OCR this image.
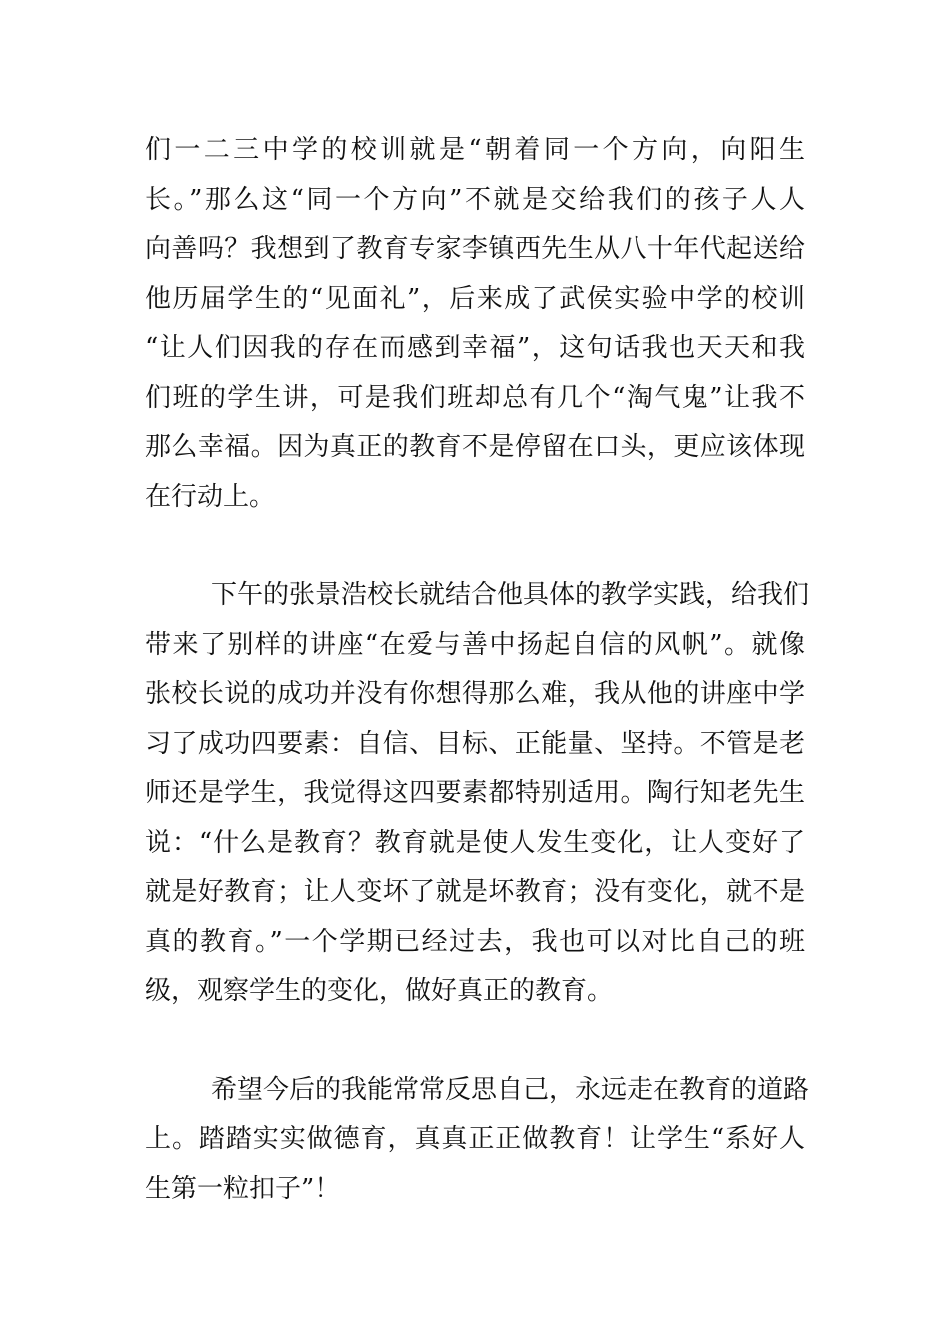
们一二三中学的校训就是“朝着同一个方向，向阳生
长。”那么这“同一个方向”不就是交给我们的孩子人人
向善吗？我想到了教育专家李镇西先生从八十年代起送给
他历届学生的“见面礼”，后来成了武侯实验中学的校训
“让人们因我的存在而感到幸福”，这句话我也天天和我
们班的学生讲，可是我们班却总有几个“淘气鬼”让我不
那么幸福。因为真正的教育不是停留在口头，更应该体现
在行动上。
下午的张景浩校长就结合他具体的教学实践，给我们
带来了别样的讲座“在爱与善中扬起自信的风帆”。就像
张校长说的成功并没有你想得那么难，我从他的讲座中学
习了成功四要素：自信、目标、正能量、坚持。不管是老
师还是学生，我觉得这四要素都特别适用。陶行知老先生
说：“什么是教育？教育就是使人发生变化，让人变好了
就是好教育；让人变坏了就是坏教育；没有变化，就不是
真的教育。”一个学期已经过去，我也可以对比自己的班
级，观察学生的变化，做好真正的教育。
希望今后的我能常常反思自己，永远走在教育的道路
上。踏踏实实做德育，真真正正做教育！让学生“系好人
生第一粒扣子”！
